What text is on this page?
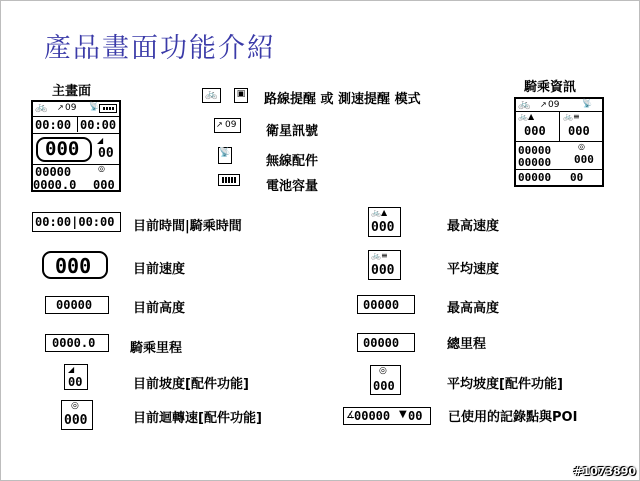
產品畫面功能介紹
主畫面
🚲 ↗ 09 📡
00:00 00:00
000 ◢
00
00000	◎
0000.0 000
騎乘資訊
🚲 ↗ 09	📡
🚲▲
000
🚲≡
000
00000	◎
000
00000
00000 00
🚲	▣ 路線提醒 或 測速提醒 模式
↗ 09 衛星訊號
📡
無線配件
電池容量
00:00|00:00 目前時間|騎乘時間
000	目前速度
00000	目前高度
0000.0	騎乘里程
◢
00	目前坡度[配件功能]
◎
000	目前迴轉速[配件功能]
🚲▲
000	最高速度
🚲≡
000	平均速度
00000	最高高度
00000	總里程
◎
000	平均坡度[配件功能]
∡ 00000 ▼ 00 已使用的記錄點與POI
#1073890
